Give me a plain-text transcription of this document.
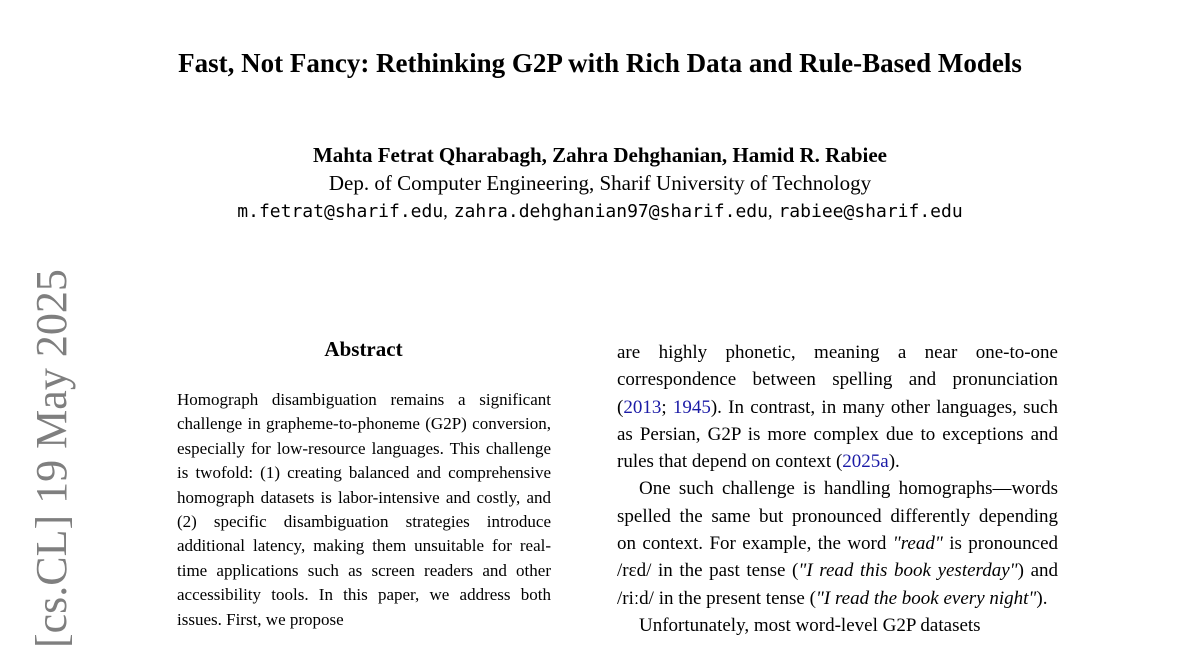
Fast, Not Fancy: Rethinking G2P with Rich Data and Rule-Based Models
Mahta Fetrat Qharabagh, Zahra Dehghanian, Hamid R. Rabiee
Dep. of Computer Engineering, Sharif University of Technology
m.fetrat@sharif.edu, zahra.dehghanian97@sharif.edu, rabiee@sharif.edu
[cs.CL] 19 May 2025	Abstract
Homograph disambiguation remains a significant challenge in grapheme-to-phoneme (G2P) conversion, especially for low-resource languages. This challenge is twofold: (1) creating balanced and comprehensive homograph datasets is labor-intensive and costly, and (2) specific disambiguation strategies introduce additional latency, making them unsuitable for real-time applications such as screen readers and other accessibility tools. In this paper, we address both issues. First, we propose

are highly phonetic, meaning a near one-to-one correspondence between spelling and pronunciation (2013; 1945). In contrast, in many other languages, such as Persian, G2P is more complex due to exceptions and rules that depend on context (2025a).

One such challenge is handling homographs—words spelled the same but pronounced differently depending on context. For example, the word "read" is pronounced /rɛd/ in the past tense ("I read this book yesterday") and /riːd/ in the present tense ("I read the book every night").

Unfortunately, most word-level G2P datasets
